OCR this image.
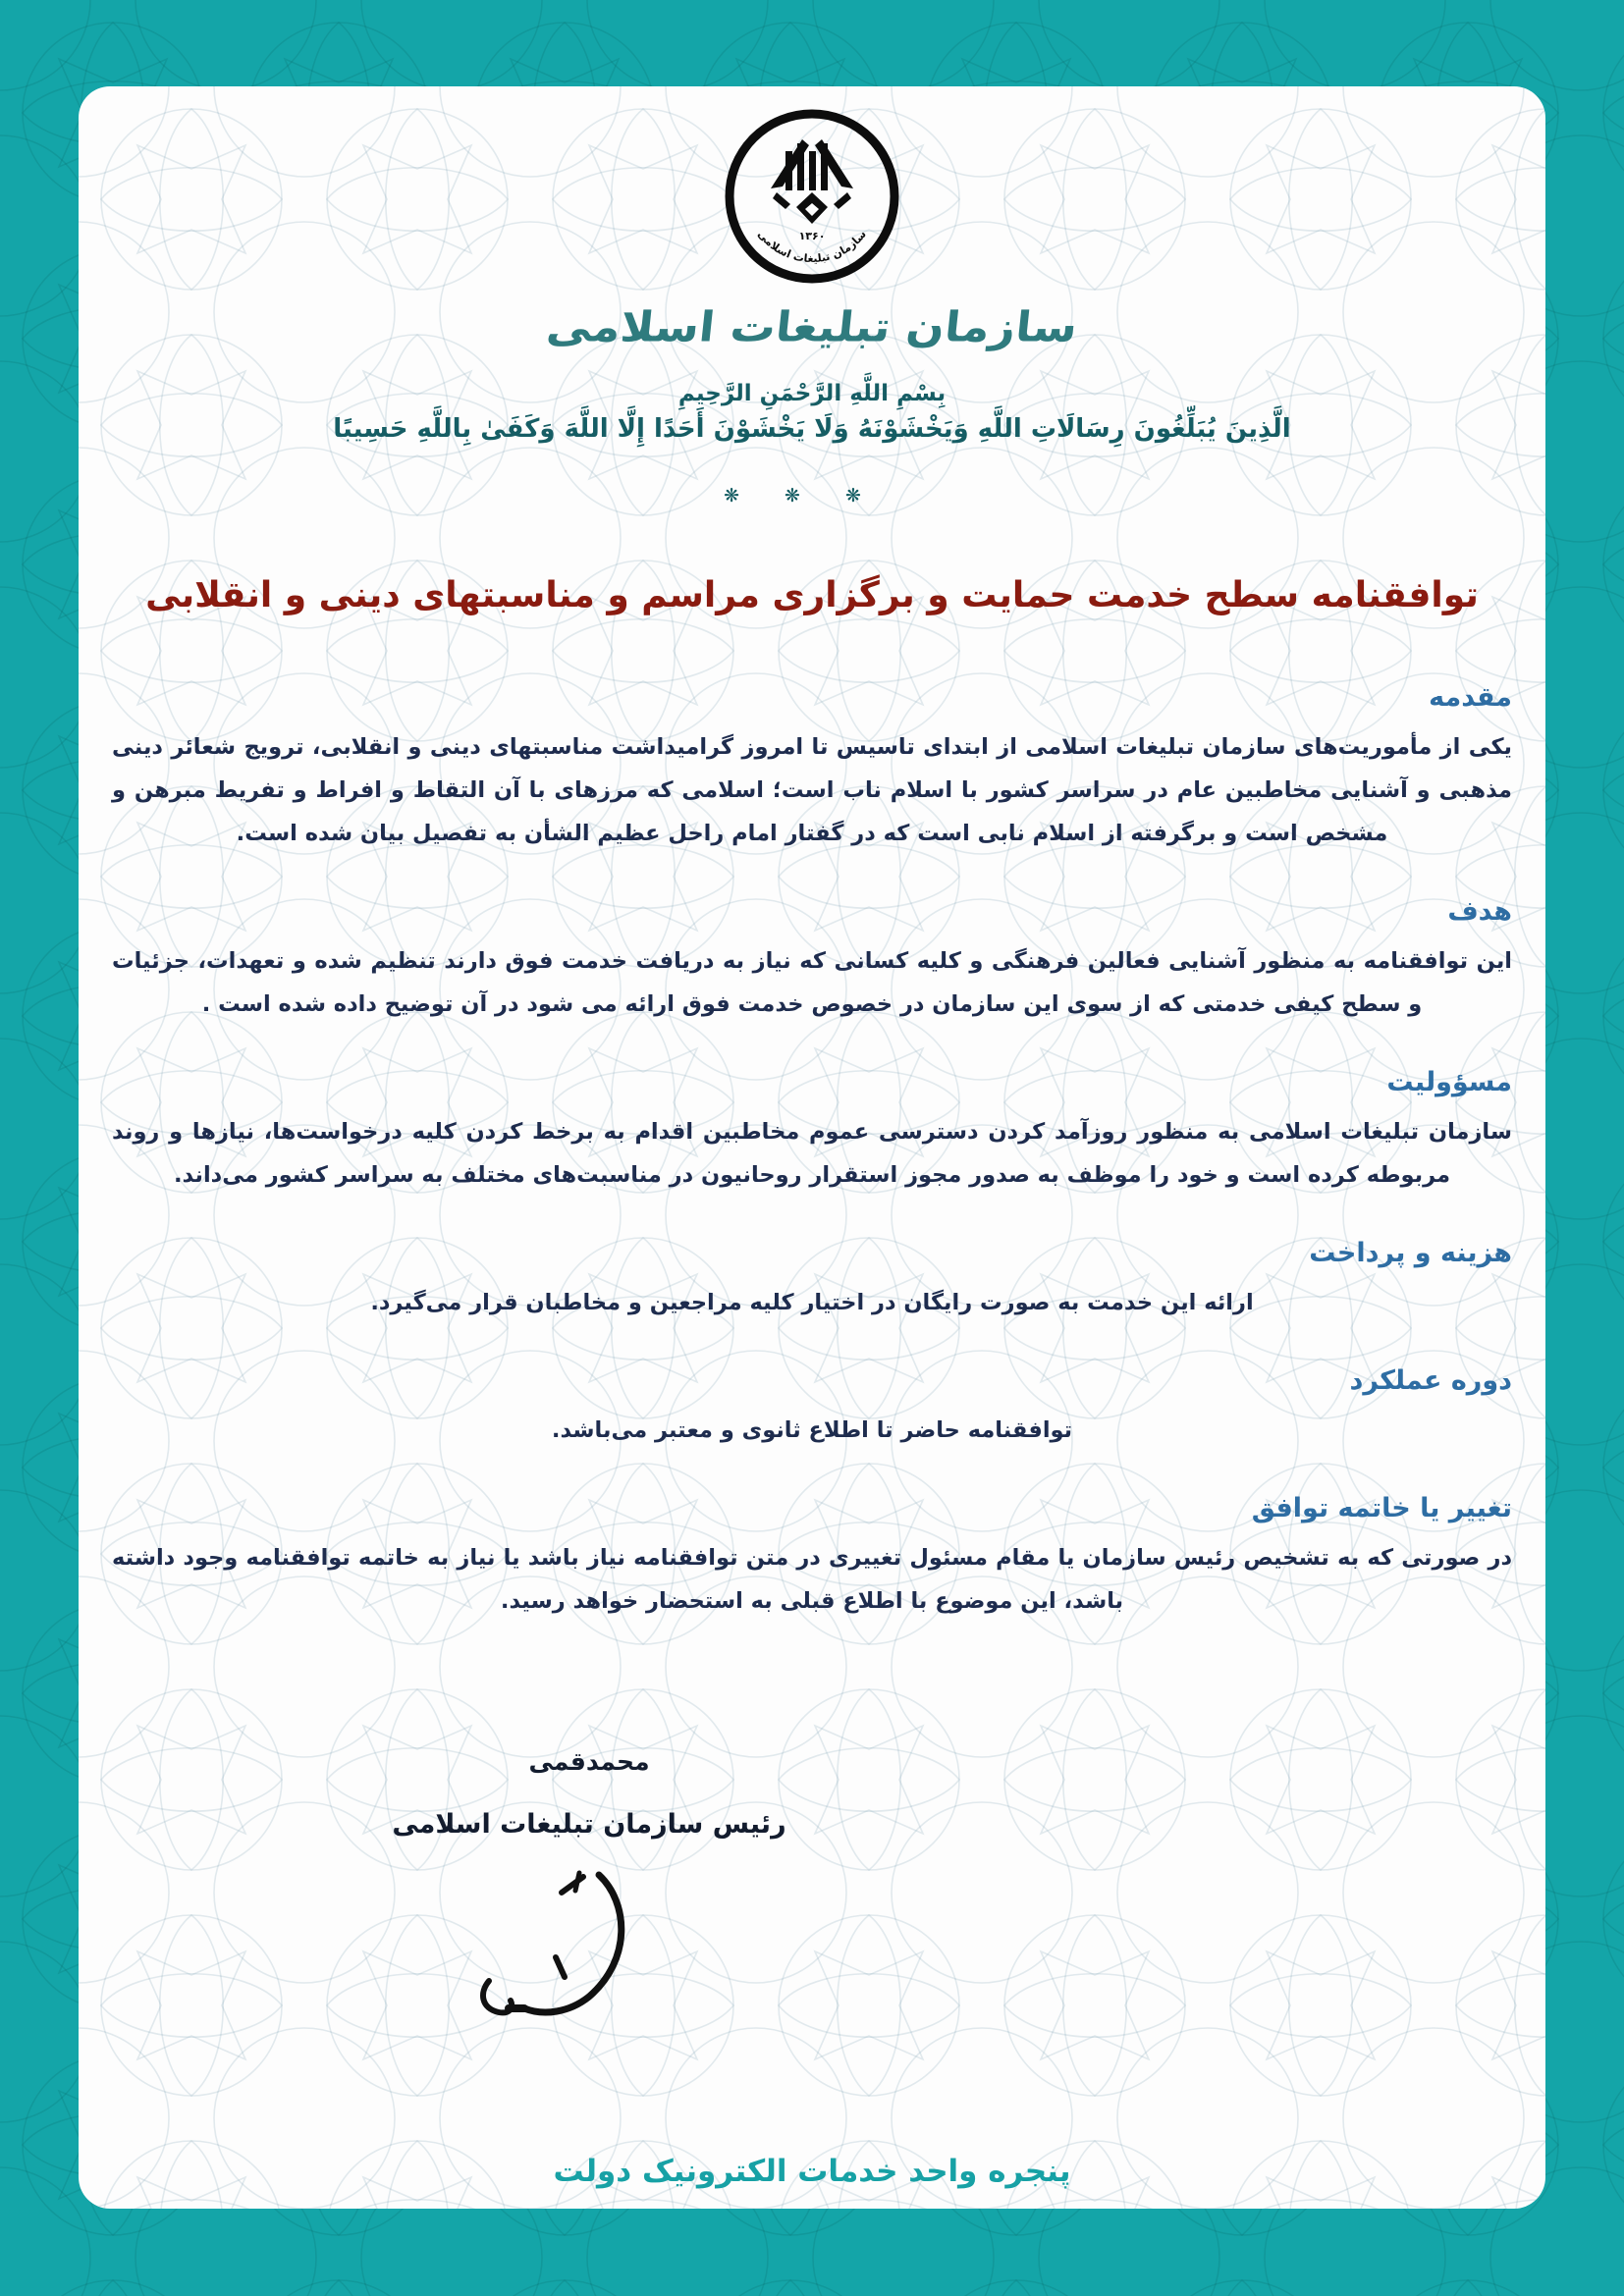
۱۳۶۰
سازمان تبلیغات اسلامی
سازمان تبلیغات اسلامی
بِسْمِ اللَّهِ الرَّحْمَنِ الرَّحِيمِ
الَّذِينَ يُبَلِّغُونَ رِسَالَاتِ اللَّهِ وَيَخْشَوْنَهُ وَلَا يَخْشَوْنَ أَحَدًا إِلَّا اللَّهَ وَكَفَىٰ بِاللَّهِ حَسِيبًا
❋ ❋ ❋
توافقنامه سطح خدمت حمایت و برگزاری مراسم و مناسبتهای دینی و انقلابی
مقدمه

یکی از مأموریت‌های سازمان تبلیغات اسلامی از ابتدای تاسیس تا امروز گرامیداشت مناسبتهای دینی و انقلابی، ترویج شعائر دینی مذهبی و آشنایی مخاطبین عام در سراسر کشور با اسلام ناب است؛ اسلامی که مرزهای با آن التقاط و افراط و تفریط مبرهن و مشخص است و برگرفته از اسلام نابی است که در گفتار امام راحل عظیم الشأن به تفصیل بیان شده است.

هدف

این توافقنامه به منظور آشنایی فعالین فرهنگی و کلیه کسانی که نیاز به دریافت خدمت فوق دارند تنظیم شده و تعهدات، جزئیات و سطح کیفی خدمتی که از سوی این سازمان در خصوص خدمت فوق ارائه می شود در آن توضیح داده شده است .

مسؤولیت

سازمان تبلیغات اسلامی به منظور روزآمد کردن دسترسی عموم مخاطبین اقدام به برخط کردن کلیه درخواست‌ها، نیازها و روند مربوطه کرده است و خود را موظف به صدور مجوز استقرار روحانیون در مناسبت‌های مختلف به سراسر کشور می‌داند.

هزینه و پرداخت

ارائه این خدمت به صورت رایگان در اختیار کلیه مراجعین و مخاطبان قرار می‌گیرد.

دوره عملکرد

توافقنامه حاضر تا اطلاع ثانوی و معتبر می‌باشد.

تغییر یا خاتمه توافق

در صورتی که به تشخیص رئیس سازمان یا مقام مسئول تغییری در متن توافقنامه نیاز باشد یا نیاز به خاتمه توافقنامه وجود داشته باشد، این موضوع با اطلاع قبلی به استحضار خواهد رسید.

محمدقمی
رئیس سازمان تبلیغات اسلامی
پنجره واحد خدمات الکترونیک دولت
